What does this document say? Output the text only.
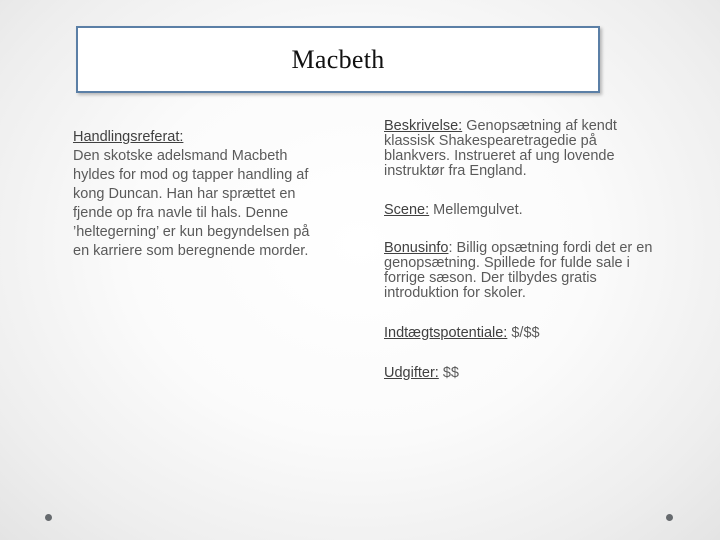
Macbeth

Handlingsreferat:
Den skotske adelsmand Macbeth hyldes for mod og tapper handling af kong Duncan. Han har sprættet en fjende op fra navle til hals. Denne ’heltegerning’ er kun begyndelsen på en karriere som beregnende morder.

Beskrivelse: Genopsætning af kendt klassisk Shakespearetragedie på blankvers. Instrueret af ung lovende instruktør fra England.

Scene: Mellemgulvet.

Bonusinfo: Billig opsætning fordi det er en genopsætning. Spillede for fulde sale i forrige sæson. Der tilbydes gratis introduktion for skoler.

Indtægtspotentiale: $/$$

Udgifter: $$
